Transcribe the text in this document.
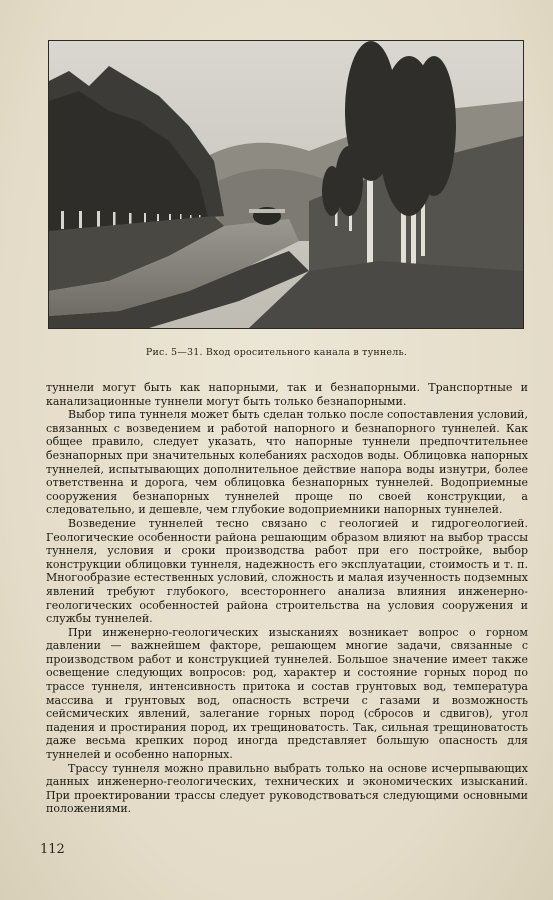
Рис. 5—31. Вход оросительного канала в туннель.

туннели могут быть как напорными, так и безнапорными. Транспортные и канализационные туннели могут быть только безнапорными.

Выбор типа туннеля может быть сделан только после сопоставления условий, связанных с возведением и работой напорного и безнапорного туннелей. Как общее правило, следует указать, что напорные туннели предпочтительнее безнапорных при значительных колебаниях расходов воды. Облицовка напорных туннелей, испытывающих дополнительное действие напора воды изнутри, более ответственна и дорога, чем облицовка безнапорных туннелей. Водоприемные сооружения безнапорных туннелей проще по своей конструкции, а следовательно, и дешевле, чем глубокие водоприемники напорных туннелей.

Возведение туннелей тесно связано с геологией и гидрогеологией. Геологические особенности района решающим образом влияют на выбор трассы туннеля, условия и сроки производства работ при его постройке, выбор конструкции облицовки туннеля, надежность его эксплуатации, стоимость и т. п. Многообразие естественных условий, сложность и малая изученность подземных явлений требуют глубокого, всестороннего анализа влияния инженерно-геологических особенностей района строительства на условия сооружения и службы туннелей.

При инженерно-геологических изысканиях возникает вопрос о горном давлении — важнейшем факторе, решающем многие задачи, связанные с производством работ и конструкцией туннелей. Большое значение имеет также освещение следующих вопросов: род, характер и состояние горных пород по трассе туннеля, интенсивность притока и состав грунтовых вод, температура массива и грунтовых вод, опасность встречи с газами и возможность сейсмических явлений, залегание горных пород (сбросов и сдвигов), угол падения и простирания пород, их трещиноватость. Так, сильная трещиноватость даже весьма крепких пород иногда представляет большую опасность для туннелей и особенно напорных.

Трассу туннеля можно правильно выбрать только на основе исчерпывающих данных инженерно-геологических, технических и экономических изысканий. При проектировании трассы следует руководствоваться следующими основными положениями.

112
